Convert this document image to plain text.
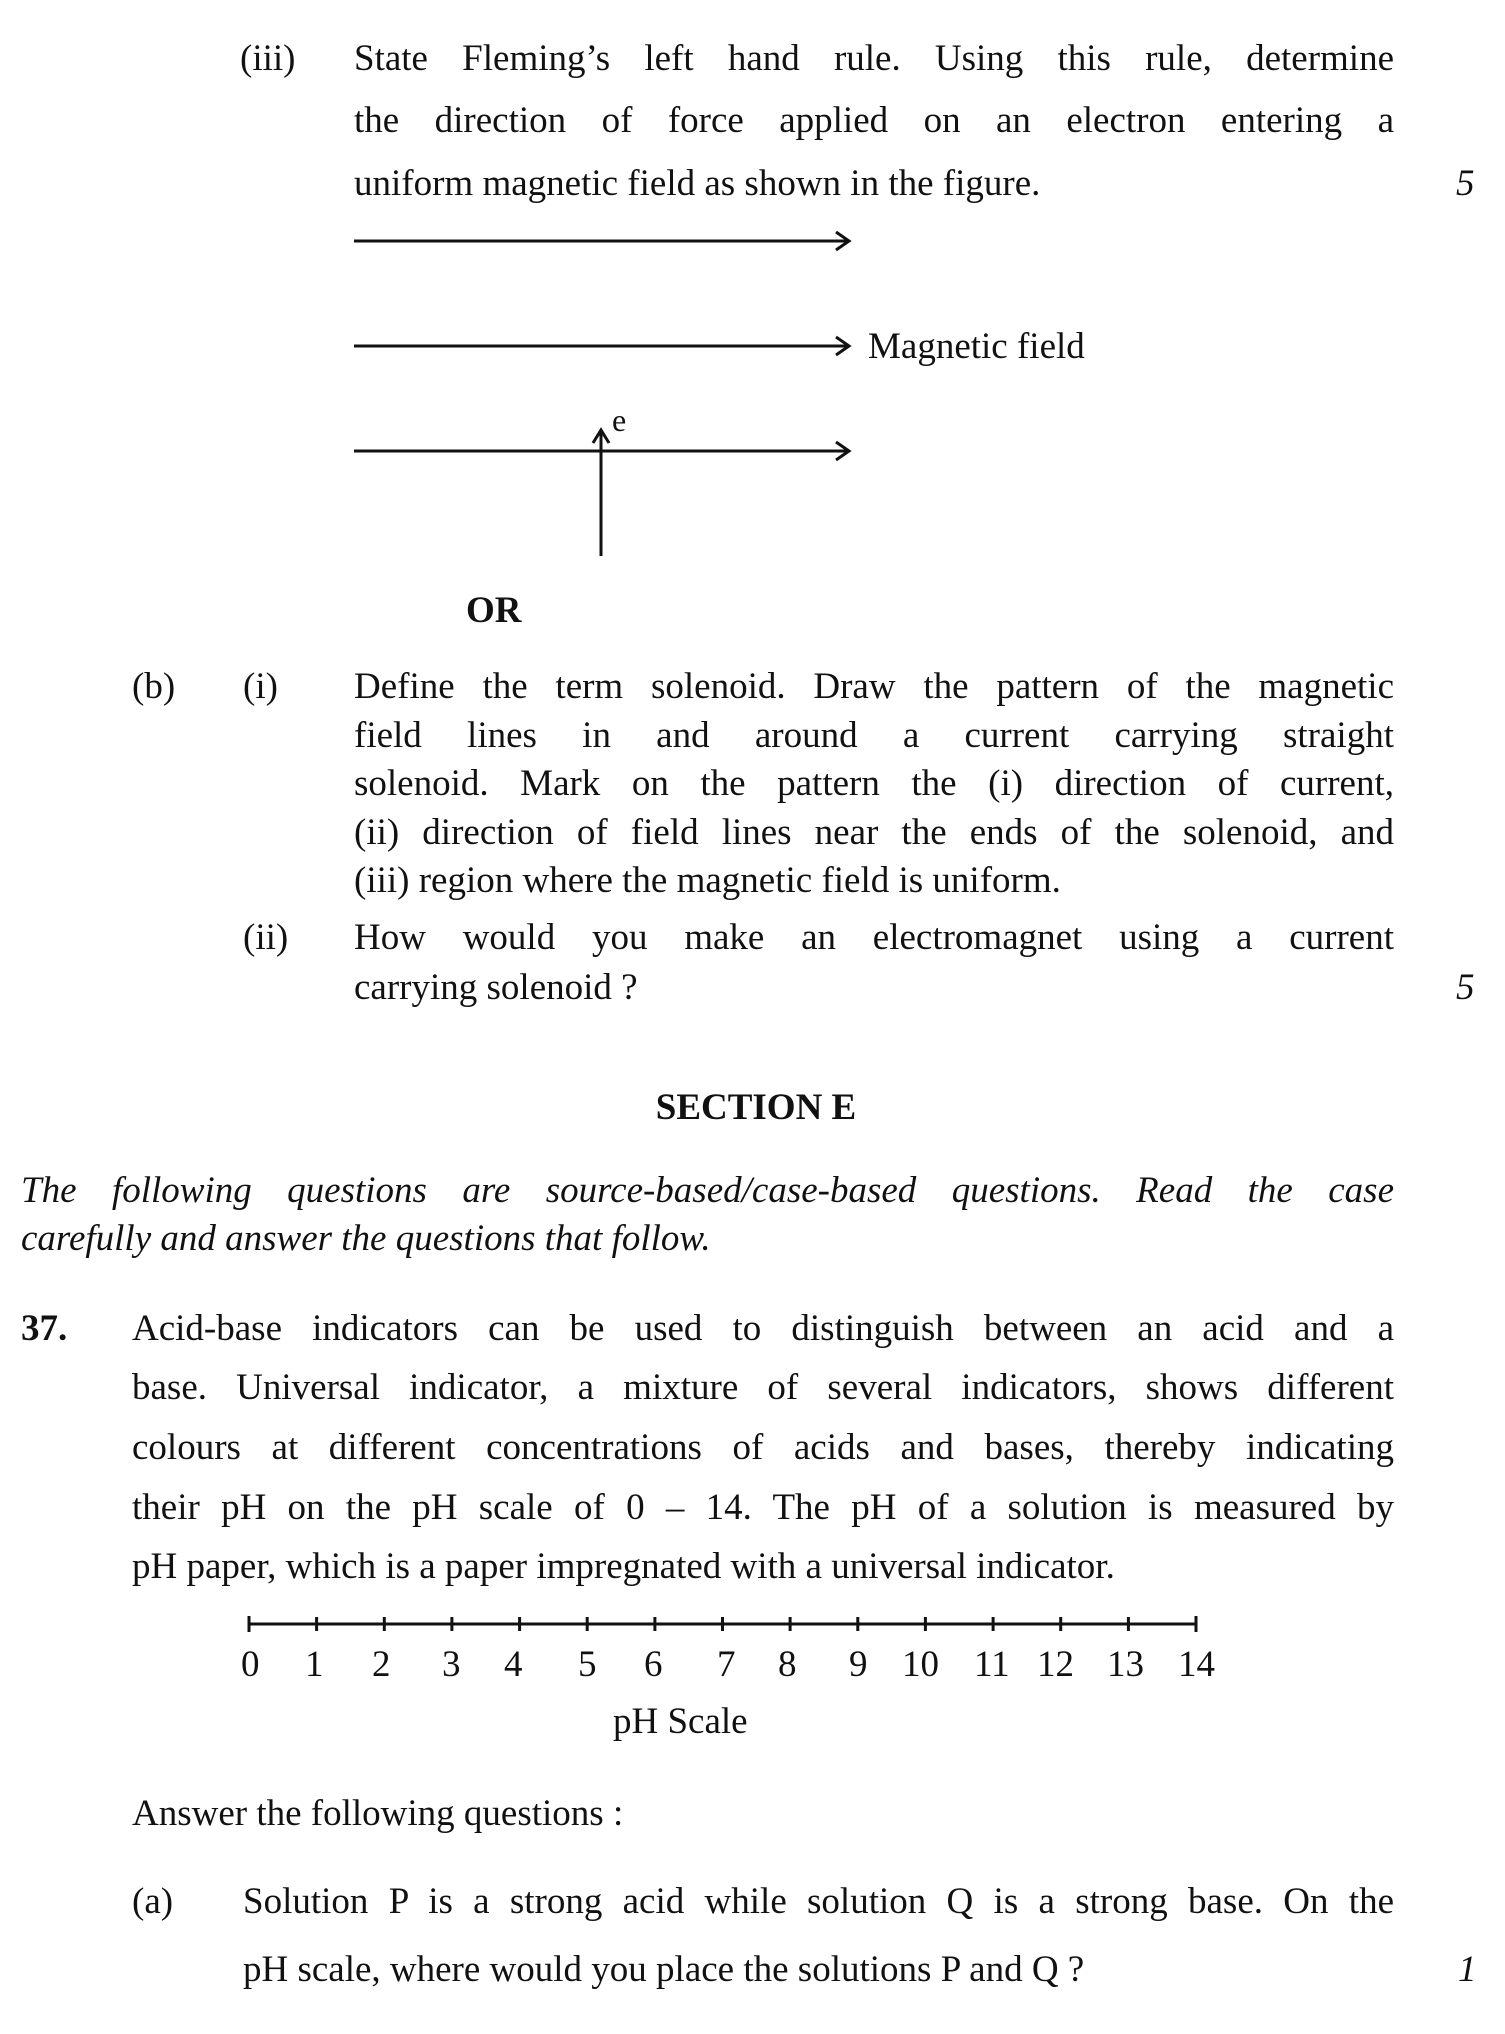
(iii) State Fleming’s left hand rule. Using this rule, determine
the direction of force applied on an electron entering a
uniform magnetic field as shown in the figure.	5
e
Magnetic field
OR
(b) (i) Define the term solenoid. Draw the pattern of the magnetic
field lines in and around a current carrying straight
solenoid. Mark on the pattern the (i) direction of current,
(ii) direction of field lines near the ends of the solenoid, and
(iii) region where the magnetic field is uniform.
(ii) How would you make an electromagnet using a current
carrying solenoid ?	5
SECTION E
The following questions are source-based/case-based questions. Read the case
carefully and answer the questions that follow.
37. Acid-base indicators can be used to distinguish between an acid and a
base. Universal indicator, a mixture of several indicators, shows different
colours at different concentrations of acids and bases, thereby indicating
their pH on the pH scale of 0 – 14. The pH of a solution is measured by
pH paper, which is a paper impregnated with a universal indicator.
0 1 2 3 4 5 6 7 8 9 10 11 12 13 14
pH Scale
Answer the following questions :
(a) Solution P is a strong acid while solution Q is a strong base. On the
pH scale, where would you place the solutions P and Q ?	1
